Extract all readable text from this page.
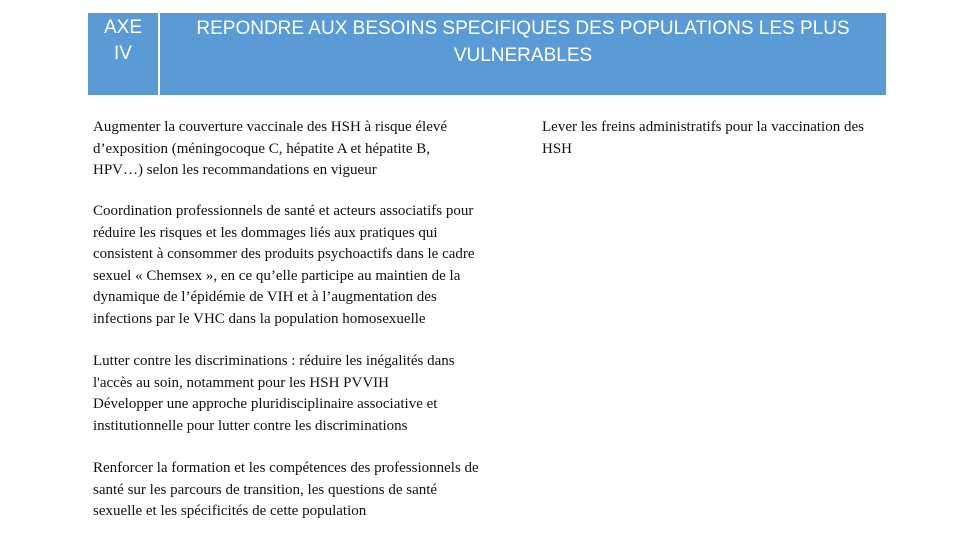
AXE
IV
REPONDRE AUX BESOINS SPECIFIQUES DES POPULATIONS LES PLUS
VULNERABLES
Augmenter la couverture vaccinale des HSH à risque élevé
d’exposition (méningocoque C, hépatite A et hépatite B,
HPV…) selon les recommandations en vigueur
Lever les freins administratifs pour la vaccination des
HSH
Coordination professionnels de santé et acteurs associatifs pour
réduire les risques et les dommages liés aux pratiques qui
consistent à consommer des produits psychoactifs dans le cadre
sexuel « Chemsex », en ce qu’elle participe au maintien de la
dynamique de l’épidémie de VIH et à l’augmentation des
infections par le VHC dans la population homosexuelle
Lutter contre les discriminations : réduire les inégalités dans
l'accès au soin, notamment pour les HSH PVVIH
Développer une approche pluridisciplinaire associative et
institutionnelle pour lutter contre les discriminations
Renforcer la formation et les compétences des professionnels de
santé sur les parcours de transition, les questions de santé
sexuelle et les spécificités de cette population
